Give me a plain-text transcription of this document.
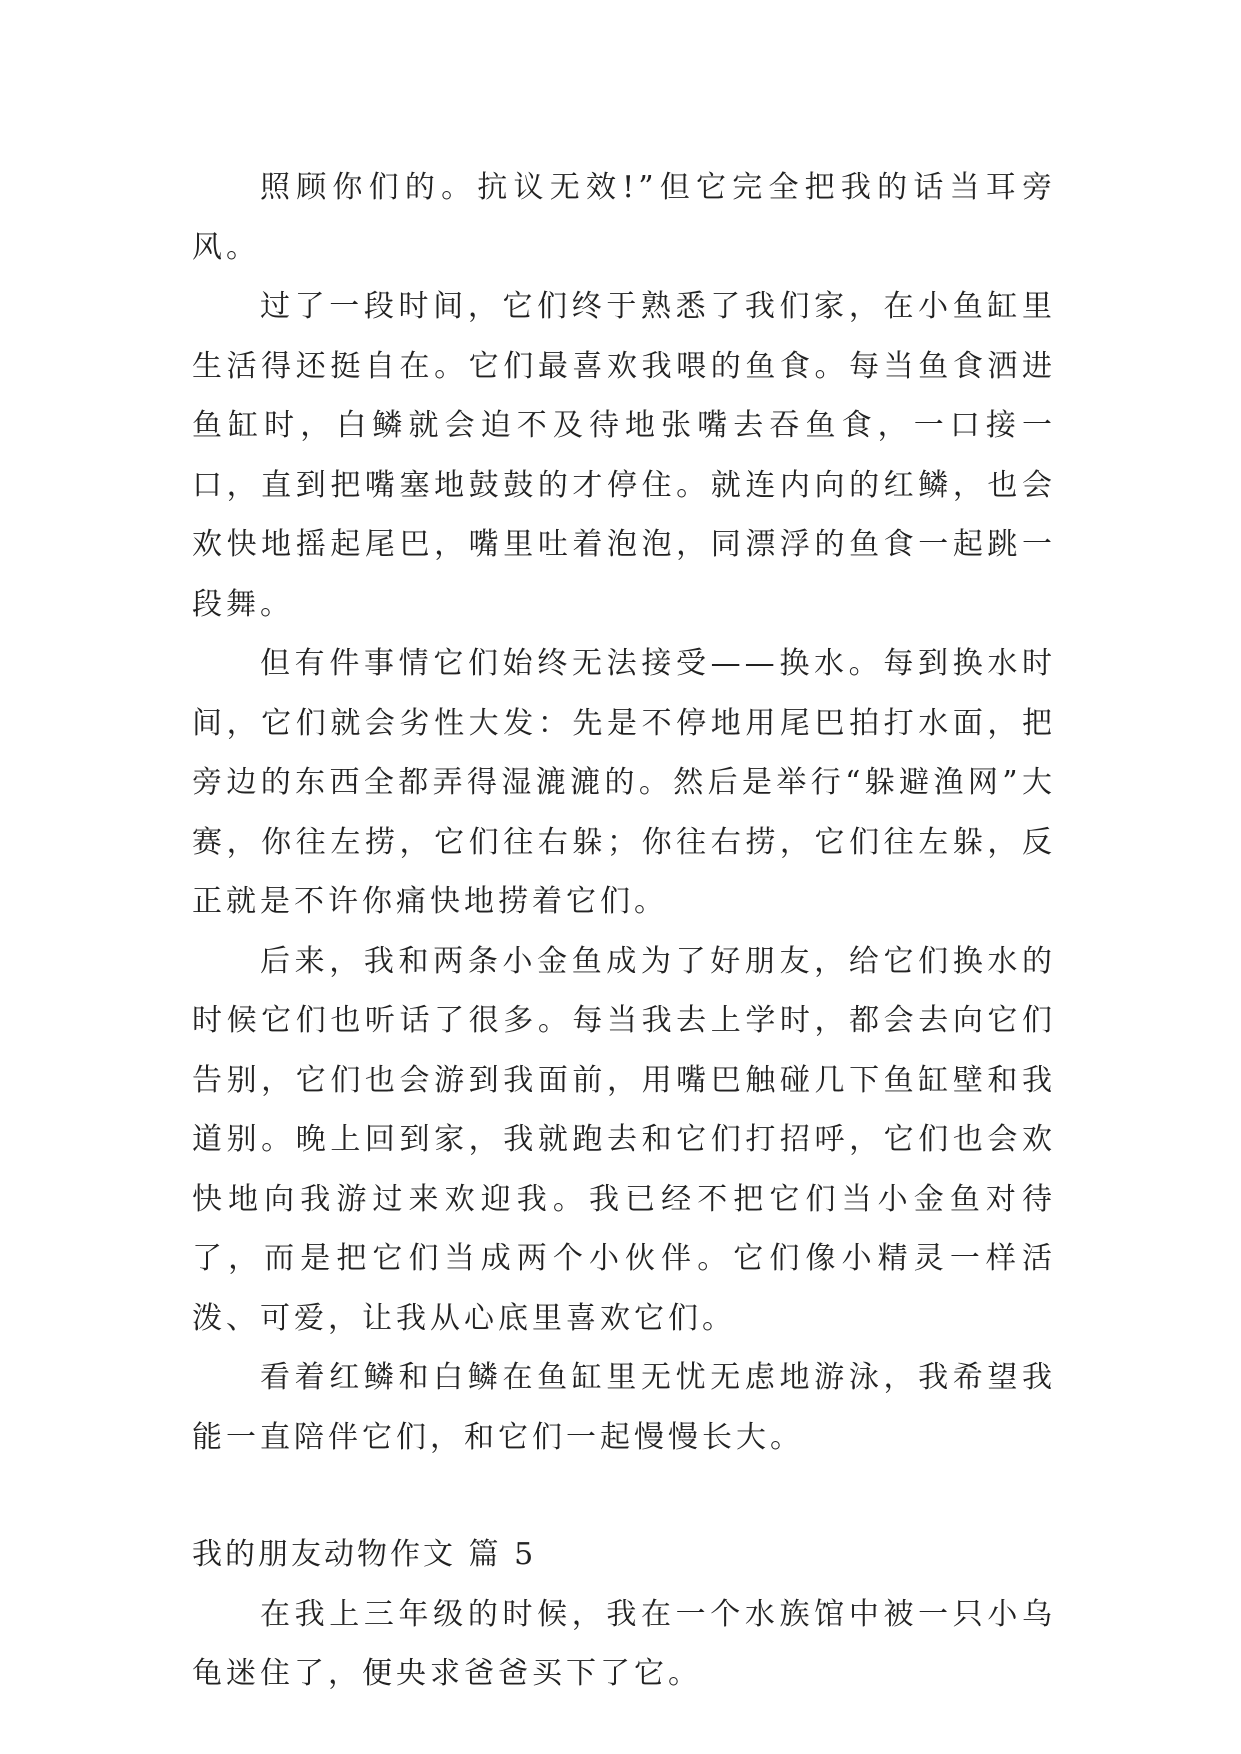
照顾你们的。抗议无效!”但它完全把我的话当耳旁风。

过了一段时间，它们终于熟悉了我们家，在小鱼缸里生活得还挺自在。它们最喜欢我喂的鱼食。每当鱼食洒进鱼缸时，白鳞就会迫不及待地张嘴去吞鱼食，一口接一口，直到把嘴塞地鼓鼓的才停住。就连内向的红鳞，也会欢快地摇起尾巴，嘴里吐着泡泡，同漂浮的鱼食一起跳一段舞。

但有件事情它们始终无法接受——换水。每到换水时间，它们就会劣性大发：先是不停地用尾巴拍打水面，把旁边的东西全都弄得湿漉漉的。然后是举行“躲避渔网”大赛，你往左捞，它们往右躲；你往右捞，它们往左躲，反正就是不许你痛快地捞着它们。

后来，我和两条小金鱼成为了好朋友，给它们换水的时候它们也听话了很多。每当我去上学时，都会去向它们告别，它们也会游到我面前，用嘴巴触碰几下鱼缸壁和我道别。晚上回到家，我就跑去和它们打招呼，它们也会欢快地向我游过来欢迎我。我已经不把它们当小金鱼对待了，而是把它们当成两个小伙伴。它们像小精灵一样活泼、可爱，让我从心底里喜欢它们。

看着红鳞和白鳞在鱼缸里无忧无虑地游泳，我希望我能一直陪伴它们，和它们一起慢慢长大。

我的朋友动物作文 篇 5

在我上三年级的时候，我在一个水族馆中被一只小乌龟迷住了，便央求爸爸买下了它。
